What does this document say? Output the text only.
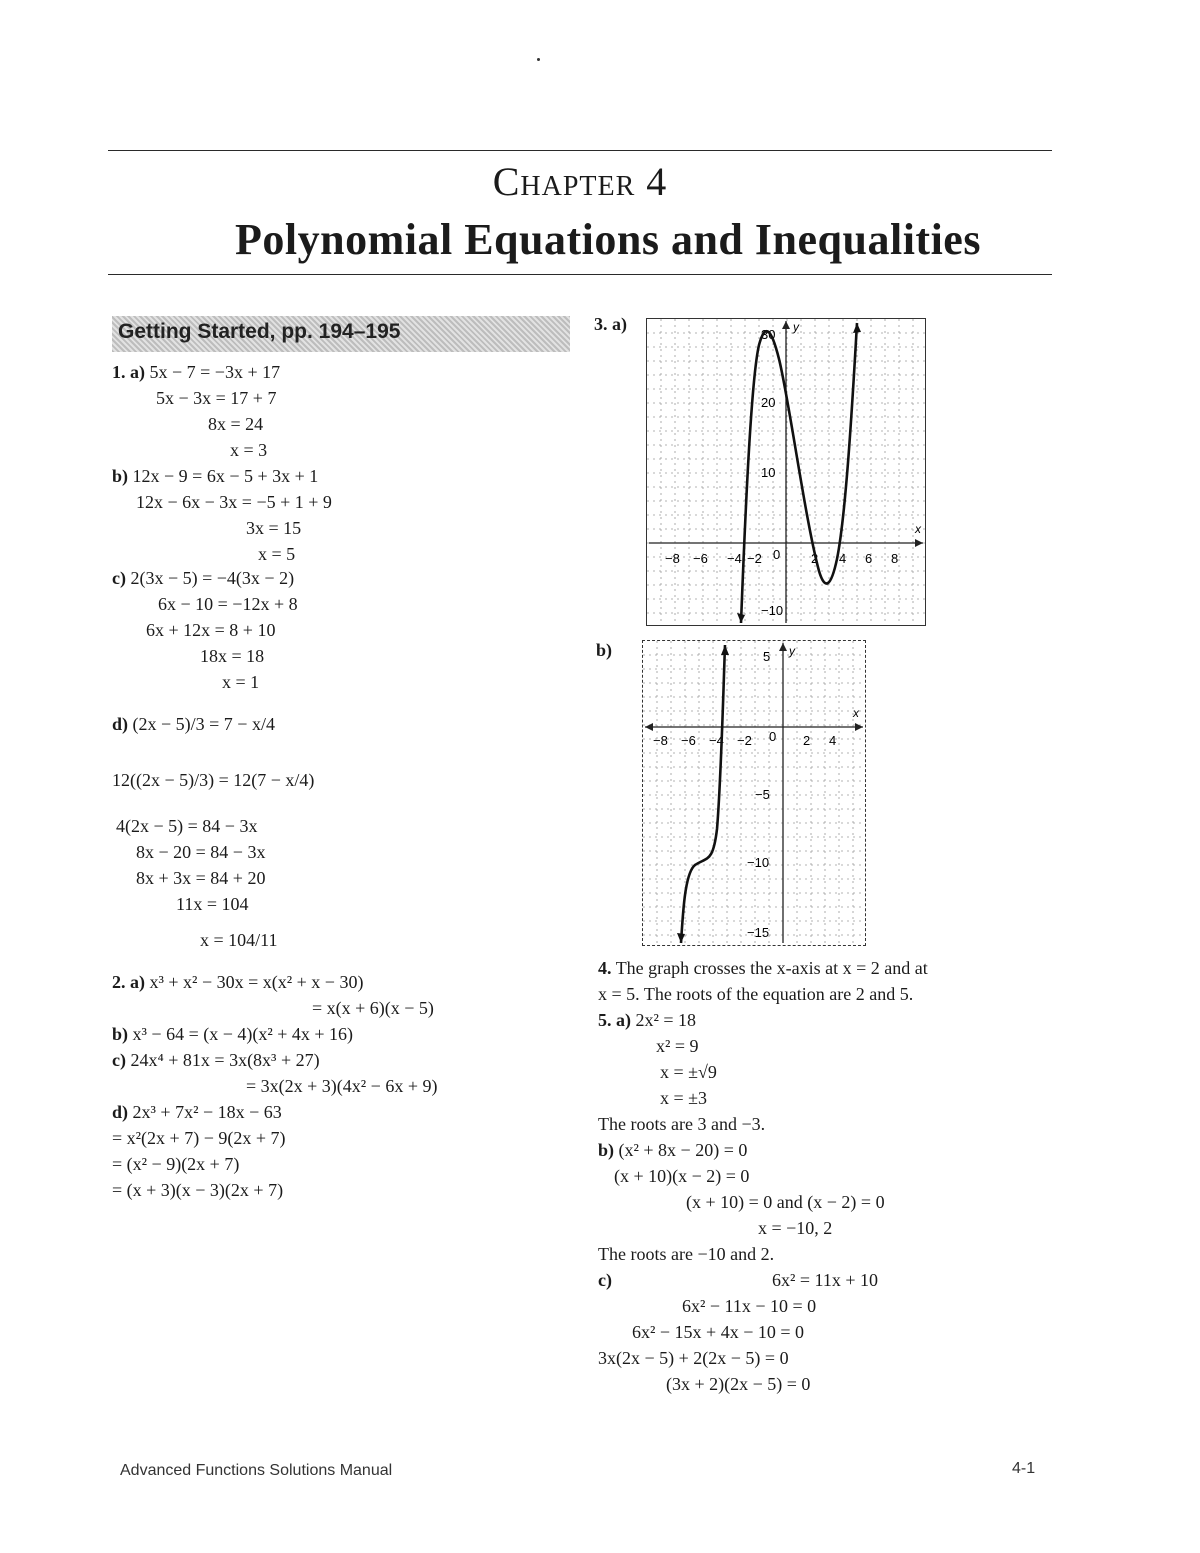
Chapter 4
Polynomial Equations and Inequalities
Getting Started, pp. 194–195
1. a) 5x − 7 = −3x + 17
5x − 3x = 17 + 7
8x = 24
x = 3
b) 12x − 9 = 6x − 5 + 3x + 1
12x − 6x − 3x = −5 + 1 + 9
3x = 15
x = 5
c) 2(3x − 5) = −4(3x − 2)
6x − 10 = −12x + 8
6x + 12x = 8 + 10
18x = 18
x = 1
d) (2x − 5)/3 = 7 − x/4
12((2x − 5)/3) = 12(7 − x/4)
4(2x − 5) = 84 − 3x
8x − 20 = 84 − 3x
8x + 3x = 84 + 20
11x = 104
x = 104/11
2. a) x³ + x² − 30x = x(x² + x − 30)
= x(x + 6)(x − 5)
b) x³ − 64 = (x − 4)(x² + 4x + 16)
c) 24x⁴ + 81x = 3x(8x³ + 27)
= 3x(2x + 3)(4x² − 6x + 9)
d) 2x³ + 7x² − 18x − 63
= x²(2x + 7) − 9(2x + 7)
= (x² − 9)(2x + 7)
= (x + 3)(x − 3)(2x + 7)
3. a)
x
y
30
20
10
0
−10
−8 −6 −4 −2	2 4 6 8
b)
x
y
5
0
−5
−10
−15
−8 −6 −4 −2	2 4
4. The graph crosses the x-axis at x = 2 and at
x = 5. The roots of the equation are 2 and 5.
5. a) 2x² = 18
x² = 9
x = ±√9
x = ±3
The roots are 3 and −3.
b) (x² + 8x − 20) = 0
(x + 10)(x − 2) = 0
(x + 10) = 0 and (x − 2) = 0
x = −10, 2
The roots are −10 and 2.
c)	6x² = 11x + 10
6x² − 11x − 10 = 0
6x² − 15x + 4x − 10 = 0
3x(2x − 5) + 2(2x − 5) = 0
(3x + 2)(2x − 5) = 0
Advanced Functions Solutions Manual	4-1
